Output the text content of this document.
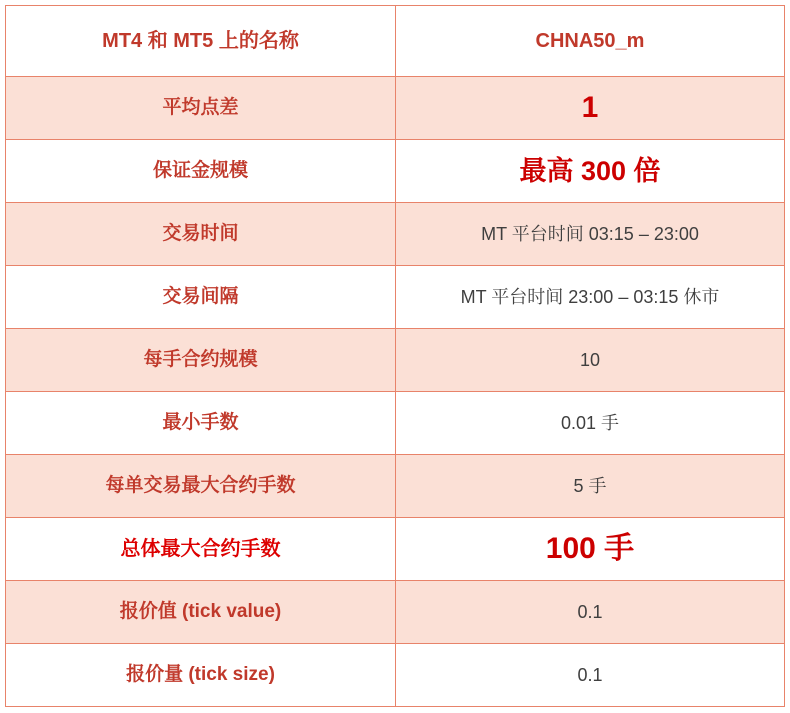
MT4 和 MT5 上的名称	CHNA50_m

平均点差	1

保证金规模	最高 300 倍

交易时间	MT 平台时间 03:15 – 23:00

交易间隔	MT 平台时间 23:00 – 03:15 休市

每手合约规模	10

最小手数	0.01 手

每单交易最大合约手数	5 手

总体最大合约手数	100 手

报价值 (tick value)	0.1

报价量 (tick size)	0.1
